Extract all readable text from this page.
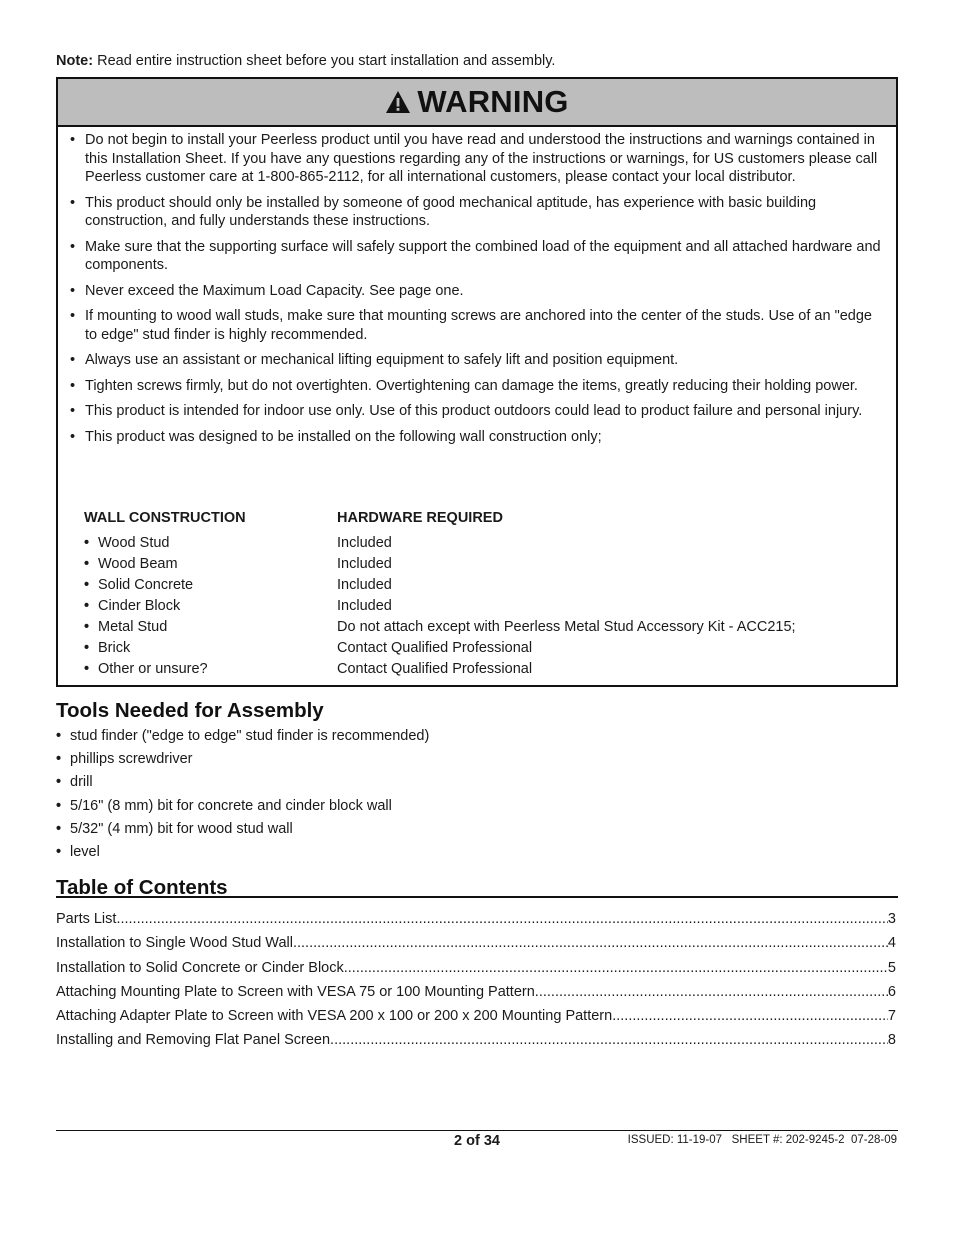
Note: Read entire instruction sheet before you start installation and assembly.
WARNING
• Do not begin to install your Peerless product until you have read and understood the instructions and warnings contained in this Installation Sheet. If you have any questions regarding any of the instructions or warnings, for US customers please call Peerless customer care at 1-800-865-2112, for all international customers, please contact your local distributor.
• This product should only be installed by someone of good mechanical aptitude, has experience with basic building construction, and fully understands these instructions.
• Make sure that the supporting surface will safely support the combined load of the equipment and all attached hardware and components.
• Never exceed the Maximum Load Capacity. See page one.
• If mounting to wood wall studs, make sure that mounting screws are anchored into the center of the studs. Use of an "edge to edge" stud finder is highly recommended.
• Always use an assistant or mechanical lifting equipment to safely lift and position equipment.
• Tighten screws firmly, but do not overtighten. Overtightening can damage the items, greatly reducing their holding power.
• This product is intended for indoor use only. Use of this product outdoors could lead to product failure and personal injury.
• This product was designed to be installed on the following wall construction only;
WALL CONSTRUCTION	HARDWARE REQUIRED
• Wood Stud	Included
• Wood Beam	Included
• Solid Concrete	Included
• Cinder Block	Included
• Metal Stud	Do not attach except with Peerless Metal Stud Accessory Kit - ACC215;
• Brick	Contact Qualified Professional
• Other or unsure?	Contact Qualified Professional
Tools Needed for Assembly
• stud finder ("edge to edge" stud finder is recommended)
• phillips screwdriver
• drill
• 5/16" (8 mm) bit for concrete and cinder block wall
• 5/32" (4 mm) bit for wood stud wall
• level
Table of Contents
Parts List .....	3
Installation to Single Wood Stud Wall .....	4
Installation to Solid Concrete or Cinder Block .....	5
Attaching Mounting Plate to Screen with VESA 75 or 100 Mounting Pattern .....	6
Attaching Adapter Plate to Screen with VESA 200 x 100 or 200 x 200 Mounting Pattern .....	7
Installing and Removing Flat Panel Screen .....	8
2 of 34	ISSUED: 11-19-07   SHEET #: 202-9245-2  07-28-09
